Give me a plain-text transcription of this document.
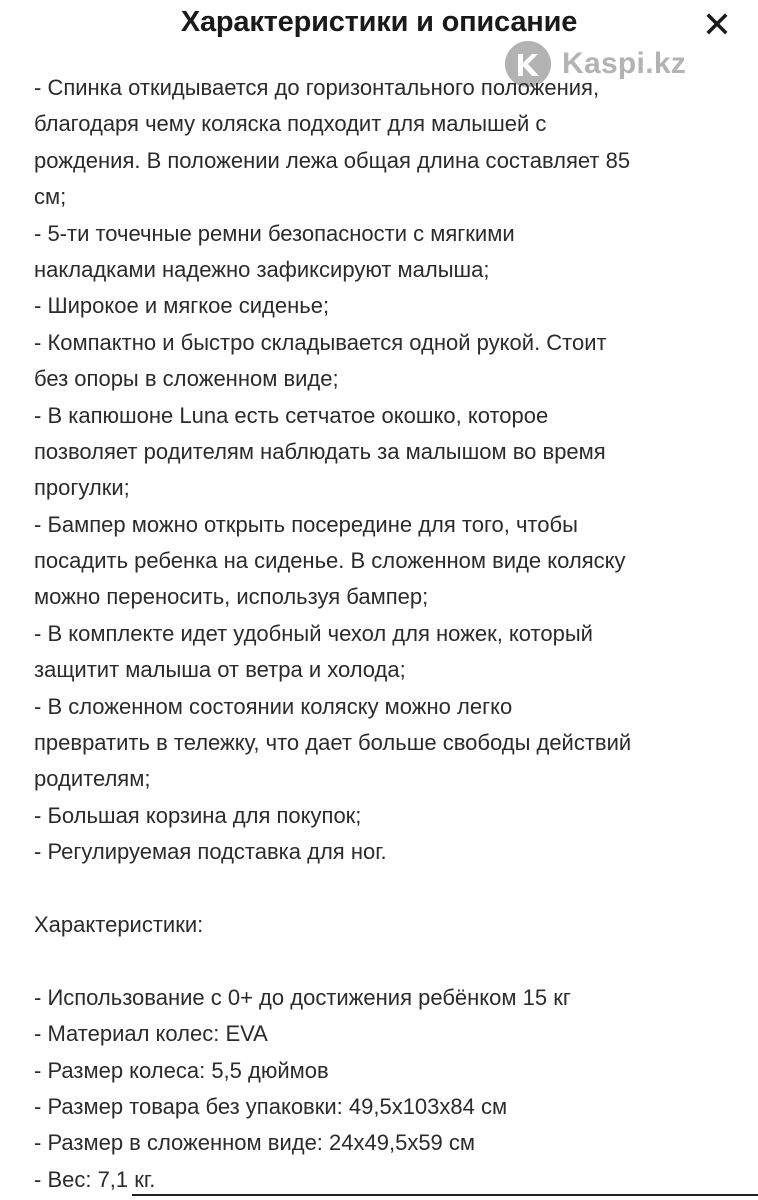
Характеристики и описание	✕
Kaspi.kz
- Спинка откидывается до горизонтального положения,
благодаря чему коляска подходит для малышей с
рождения. В положении лежа общая длина составляет 85
см;
- 5-ти точечные ремни безопасности с мягкими
накладками надежно зафиксируют малыша;
- Широкое и мягкое сиденье;
- Компактно и быстро складывается одной рукой. Стоит
без опоры в сложенном виде;
- В капюшоне Luna есть сетчатое окошко, которое
позволяет родителям наблюдать за малышом во время
прогулки;
- Бампер можно открыть посередине для того, чтобы
посадить ребенка на сиденье. В сложенном виде коляску
можно переносить, используя бампер;
- В комплекте идет удобный чехол для ножек, который
защитит малыша от ветра и холода;
- В сложенном состоянии коляску можно легко
превратить в тележку, что дает больше свободы действий
родителям;
- Большая корзина для покупок;
- Регулируемая подставка для ног.
Характеристики:
- Использование с 0+ до достижения ребёнком 15 кг
- Материал колес: EVA
- Размер колеса: 5,5 дюймов
- Размер товара без упаковки: 49,5х103х84 см
- Размер в сложенном виде: 24х49,5х59 см
- Вес: 7,1 кг.
